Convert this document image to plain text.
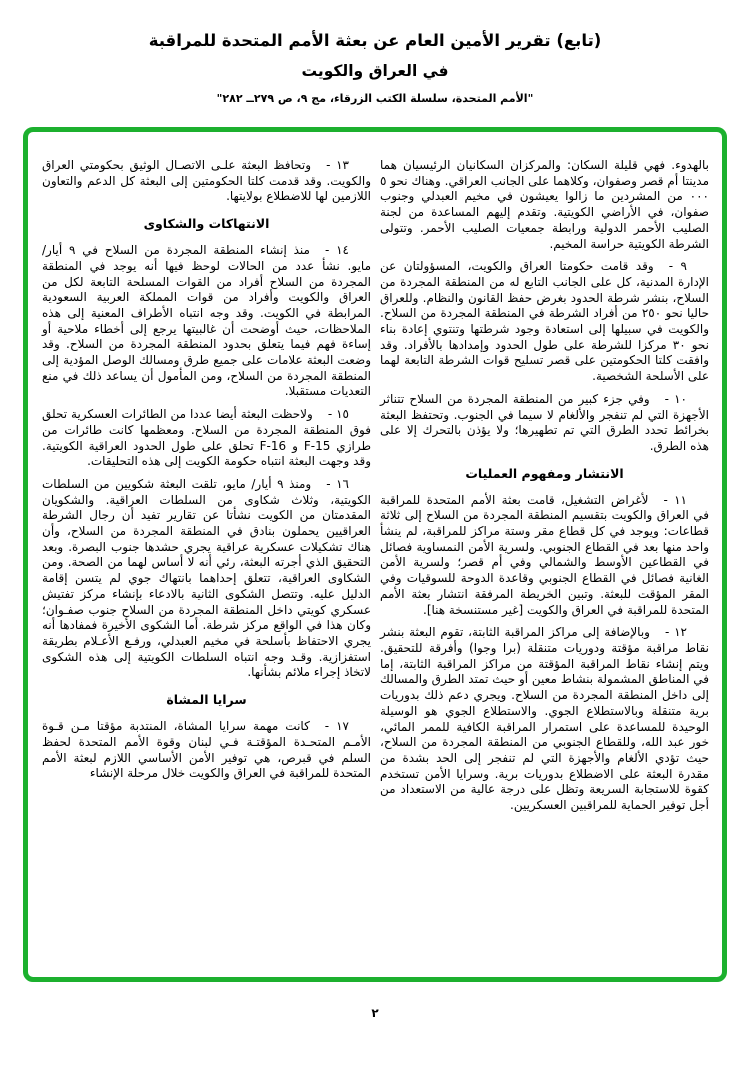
(تابع) تقرير الأمين العام عن بعثة الأمم المتحدة للمراقبة
في العراق والكويت
"الأمم المتحدة، سلسلة الكتب الزرقاء، مج ٩، ص ٢٧٩ــ ٢٨٢"

بالهدوء. فهي قليلة السكان: والمركزان السكانيان الرئيسيان هما مدينتا أم قصر وصفوان، وكلاهما على الجانب العراقي. وهناك نحو ٥ ٠٠٠ من المشردين ما زالوا يعيشون في مخيم العبدلي وجنوب صفوان، في الأراضي الكويتية. وتقدم إليهم المساعدة من لجنة الصليب الأحمر الدولية ورابطة جمعيات الصليب الأحمر. وتتولى الشرطة الكويتية حراسة المخيم.

٩ -وقد قامت حكومتا العراق والكويت، المسؤولتان عن الإدارة المدنية، كل على الجانب التابع له من المنطقة المجردة من السلاح، بنشر شرطة الحدود بغرض حفظ القانون والنظام. وللعراق حاليا نحو ٢٥٠ من أفراد الشرطة في المنطقة المجردة من السلاح. والكويت في سبيلها إلى استعادة وجود شرطتها وتنتوي إعادة بناء نحو ٣٠ مركزا للشرطة على طول الحدود وإمدادها بالأفراد. وقد وافقت كلتا الحكومتين على قصر تسليح قوات الشرطة التابعة لهما على الأسلحة الشخصية.

١٠ -وفي جزء كبير من المنطقة المجردة من السلاح تتناثر الأجهزة التي لم تنفجر والألغام لا سيما في الجنوب. وتحتفظ البعثة بخرائط تحدد الطرق التي تم تطهيرها؛ ولا يؤذن بالتحرك إلا على هذه الطرق.

الانتشار ومفهوم العمليات

١١ -لأغراض التشغيل، قامت بعثة الأمم المتحدة للمراقبة في العراق والكويت بتقسيم المنطقة المجردة من السلاح إلى ثلاثة قطاعات: ويوجد في كل قطاع مقر وستة مراكز للمراقبة، لم ينشأ واحد منها بعد في القطاع الجنوبي. ولسرية الأمن النمساوية فصائل في القطاعين الأوسط والشمالي وفي أم قصر؛ ولسرية الأمن الغانية فصائل في القطاع الجنوبي وقاعدة الدوحة للسوقيات وفي المقر المؤقت للبعثة. وتبين الخريطة المرفقة انتشار بعثة الأمم المتحدة للمراقبة في العراق والكويت [غير مستنسخة هنا].

١٢ -وبالإضافة إلى مراكز المراقبة الثابتة، تقوم البعثة بنشر نقاط مراقبة مؤقتة ودوريات متنقلة (برا وجوا) وأفرقة للتحقيق. ويتم إنشاء نقاط المراقبة المؤقتة من مراكز المراقبة الثابتة، إما في المناطق المشمولة بنشاط معين أو حيث تمتد الطرق والمسالك إلى داخل المنطقة المجردة من السلاح. ويجري دعم ذلك بدوريات برية متنقلة وبالاستطلاع الجوي. والاستطلاع الجوي هو الوسيلة الوحيدة للمساعدة على استمرار المراقبة الكافية للممر المائي، خور عبد الله، وللقطاع الجنوبي من المنطقة المجردة من السلاح، حيث تؤدي الألغام والأجهزة التي لم تنفجر إلى الحد بشدة من مقدرة البعثة على الاضطلاع بدوريات برية. وسرايا الأمن تستخدم كقوة للاستجابة السريعة وتظل على درجة عالية من الاستعداد من أجل توفير الحماية للمراقبين العسكريين.

١٣ -وتحافظ البعثة علـى الاتصـال الوثيق بحكومتي العراق والكويت. وقد قدمت كلتا الحكومتين إلى البعثة كل الدعم والتعاون اللازمين لها للاضطلاع بولايتها.

الانتهاكات والشكاوى

١٤ -منذ إنشاء المنطقة المجردة من السلاح في ٩ أيار/ مايو. نشأ عدد من الحالات لوحظ فيها أنه يوجد في المنطقة المجردة من السلاح أفراد من القوات المسلحة التابعة لكل من العراق والكويت وأفراد من قوات المملكة العربية السعودية المرابطة في الكويت. وقد وجه انتباه الأطراف المعنية إلى هذه الملاحظات، حيث أوضحت أن غالبيتها يرجع إلى أخطاء ملاحية أو إساءة فهم فيما يتعلق بحدود المنطقة المجردة من السلاح. وقد وضعت البعثة علامات على جميع طرق ومسالك الوصل المؤدية إلى المنطقة المجردة من السلاح، ومن المأمول أن يساعد ذلك في منع التعديات مستقبلا.

١٥ -ولاحظت البعثة أيضا عددا من الطائرات العسكرية تحلق فوق المنطقة المجردة من السلاح. ومعظمها كانت طائرات من طرازي F-15 و F-16 تحلق على طول الحدود العراقية الكويتية. وقد وجهت البعثة انتباه حكومة الكويت إلى هذه التحليقات.

١٦ -ومنذ ٩ أيار/ مايو، تلقت البعثة شكويين من السلطات الكويتية، وثلاث شكاوى من السلطات العراقية. والشكويان المقدمتان من الكويت نشأتا عن تقارير تفيد أن رجال الشرطة العراقيين يحملون بنادق في المنطقة المجردة من السلاح، وأن هناك تشكيلات عسكرية عراقية يجري حشدها جنوب البصرة. وبعد التحقيق الذي أجرته البعثة، رئي أنه لا أساس لهما من الصحة. ومن الشكاوى العراقية، تتعلق إحداهما بانتهاك جوي لم يتسن إقامة الدليل عليه. وتتصل الشكوى الثانية بالادعاء بإنشاء مركز تفتيش عسكري كويتي داخل المنطقة المجردة من السلاح جنوب صفـوان؛ وكان هذا في الواقع مركز شرطة. أما الشكوى الأخيرة فمفادها أنه يجري الاحتفاظ بأسلحة في مخيم العبدلي، ورفـع الأعـلام بطريقة استفزازية. وقـد وجه انتباه السلطات الكويتية إلى هذه الشكوى لاتخاذ إجراء ملائم بشأنها.

سرايا المشاة

١٧ -كانت مهمة سرايا المشاة، المنتدبة مؤقتا مـن قـوة الأمـم المتحـدة المؤقتـة فـي لبنان وقوة الأمم المتحدة لحفظ السلم في قبرص، هي توفير الأمن الأساسي اللازم لبعثة الأمم المتحدة للمراقبة في العراق والكويت خلال مرحلة الإنشاء

٢
